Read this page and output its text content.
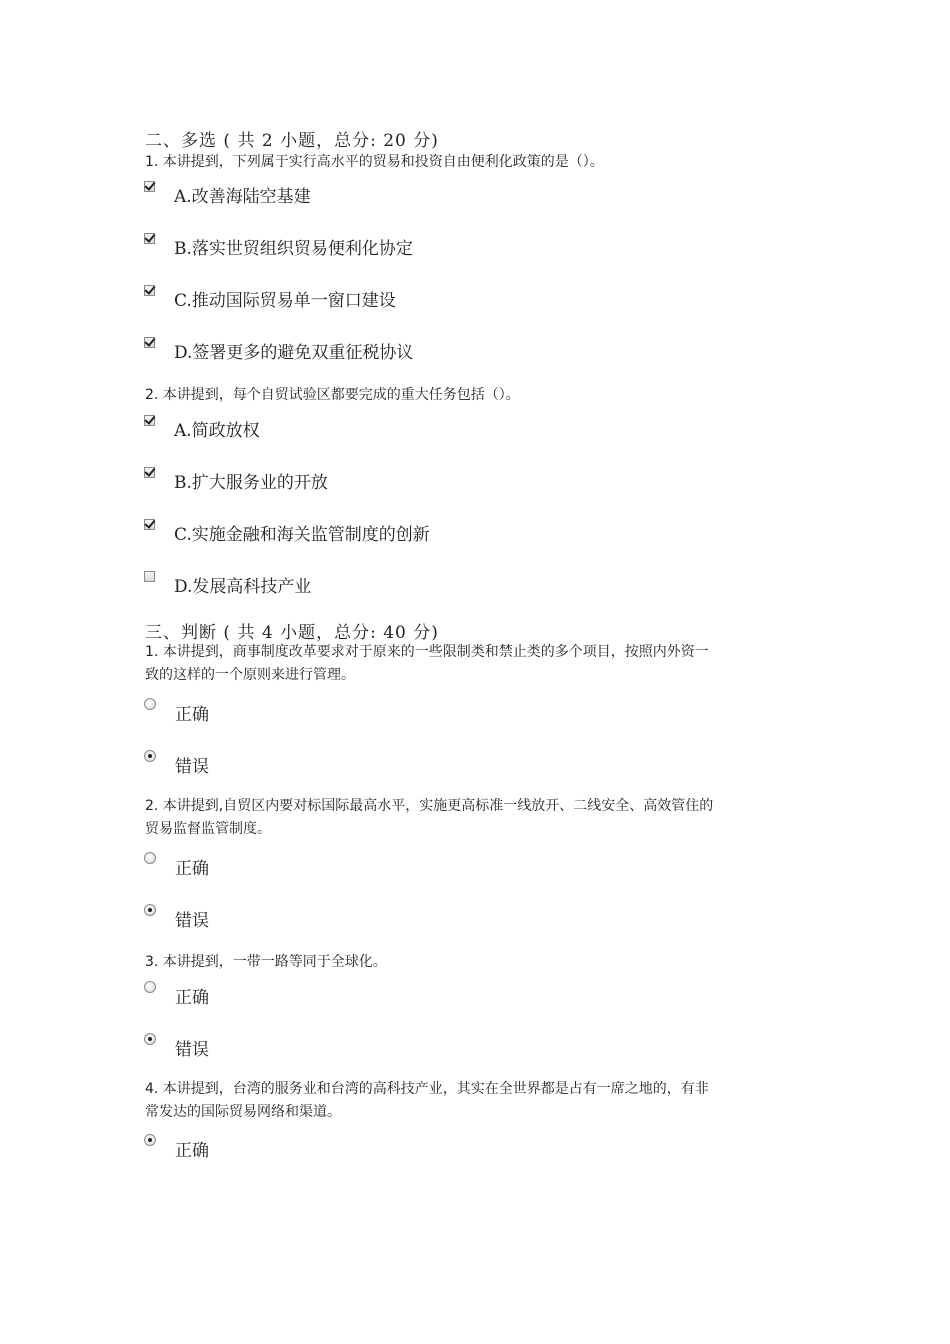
二、多选 ( 共 2 小题，总分: 20 分)
1. 本讲提到，下列属于实行高水平的贸易和投资自由便利化政策的是（）。
A.改善海陆空基建
B.落实世贸组织贸易便利化协定
C.推动国际贸易单一窗口建设
D.签署更多的避免双重征税协议
2. 本讲提到，每个自贸试验区都要完成的重大任务包括（）。
A.简政放权
B.扩大服务业的开放
C.实施金融和海关监管制度的创新
D.发展高科技产业
三、判断 ( 共 4 小题，总分: 40 分)
1. 本讲提到，商事制度改革要求对于原来的一些限制类和禁止类的多个项目，按照内外资一
致的这样的一个原则来进行管理。
正确
错误
2. 本讲提到,自贸区内要对标国际最高水平，实施更高标准一线放开、二线安全、高效管住的
贸易监督监管制度。
正确
错误
3. 本讲提到，一带一路等同于全球化。
正确
错误
4. 本讲提到，台湾的服务业和台湾的高科技产业，其实在全世界都是占有一席之地的，有非
常发达的国际贸易网络和渠道。
正确
